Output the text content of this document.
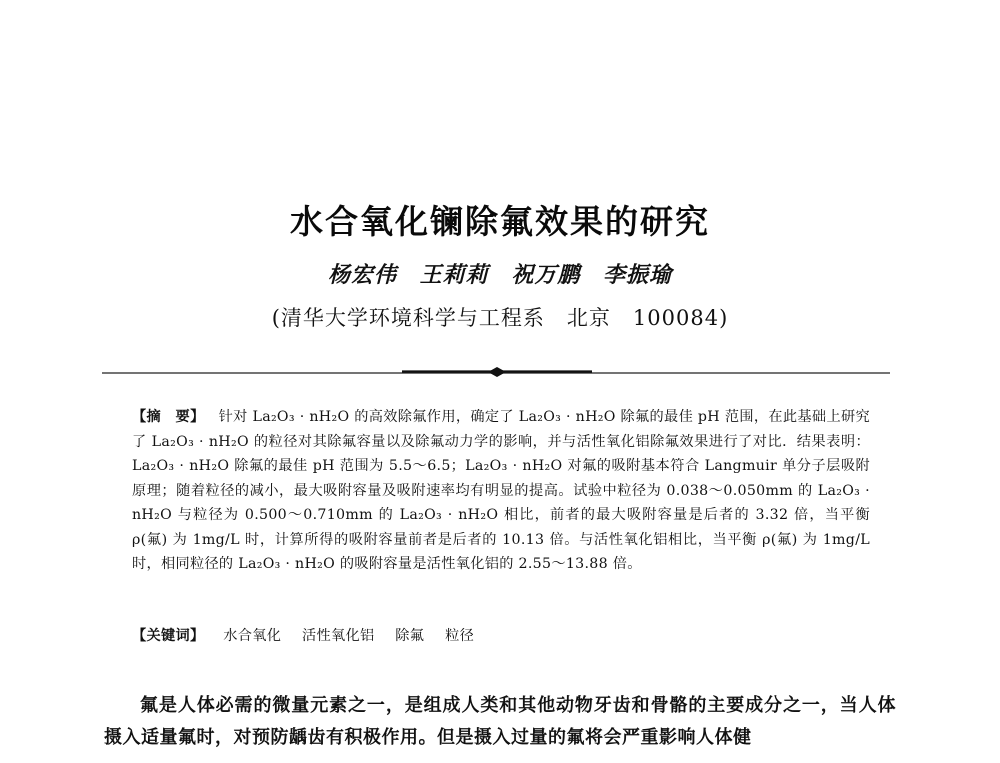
水合氧化镧除氟效果的研究
杨宏伟 王莉莉 祝万鹏 李振瑜
(清华大学环境科学与工程系　北京　100084)
【摘　要】 针对 La₂O₃ · nH₂O 的高效除氟作用，确定了 La₂O₃ · nH₂O 除氟的最佳 pH 范围，在此基础上研究了 La₂O₃ · nH₂O 的粒径对其除氟容量以及除氟动力学的影响，并与活性氧化铝除氟效果进行了对比．结果表明：La₂O₃ · nH₂O 除氟的最佳 pH 范围为 5.5～6.5；La₂O₃ · nH₂O 对氟的吸附基本符合 Langmuir 单分子层吸附原理；随着粒径的减小，最大吸附容量及吸附速率均有明显的提高。试验中粒径为 0.038～0.050mm 的 La₂O₃ · nH₂O 与粒径为 0.500～0.710mm 的 La₂O₃ · nH₂O 相比，前者的最大吸附容量是后者的 3.32 倍，当平衡 ρ(氟) 为 1mg/L 时，计算所得的吸附容量前者是后者的 10.13 倍。与活性氧化铝相比，当平衡 ρ(氟) 为 1mg/L 时，相同粒径的 La₂O₃ · nH₂O 的吸附容量是活性氧化铝的 2.55～13.88 倍。
【关键词】 水合氧化 活性氧化铝 除氟 粒径
氟是人体必需的微量元素之一，是组成人类和其他动物牙齿和骨骼的主要成分之一，当人体摄入适量氟时，对预防龋齿有积极作用。但是摄入过量的氟将会严重影响人体健
